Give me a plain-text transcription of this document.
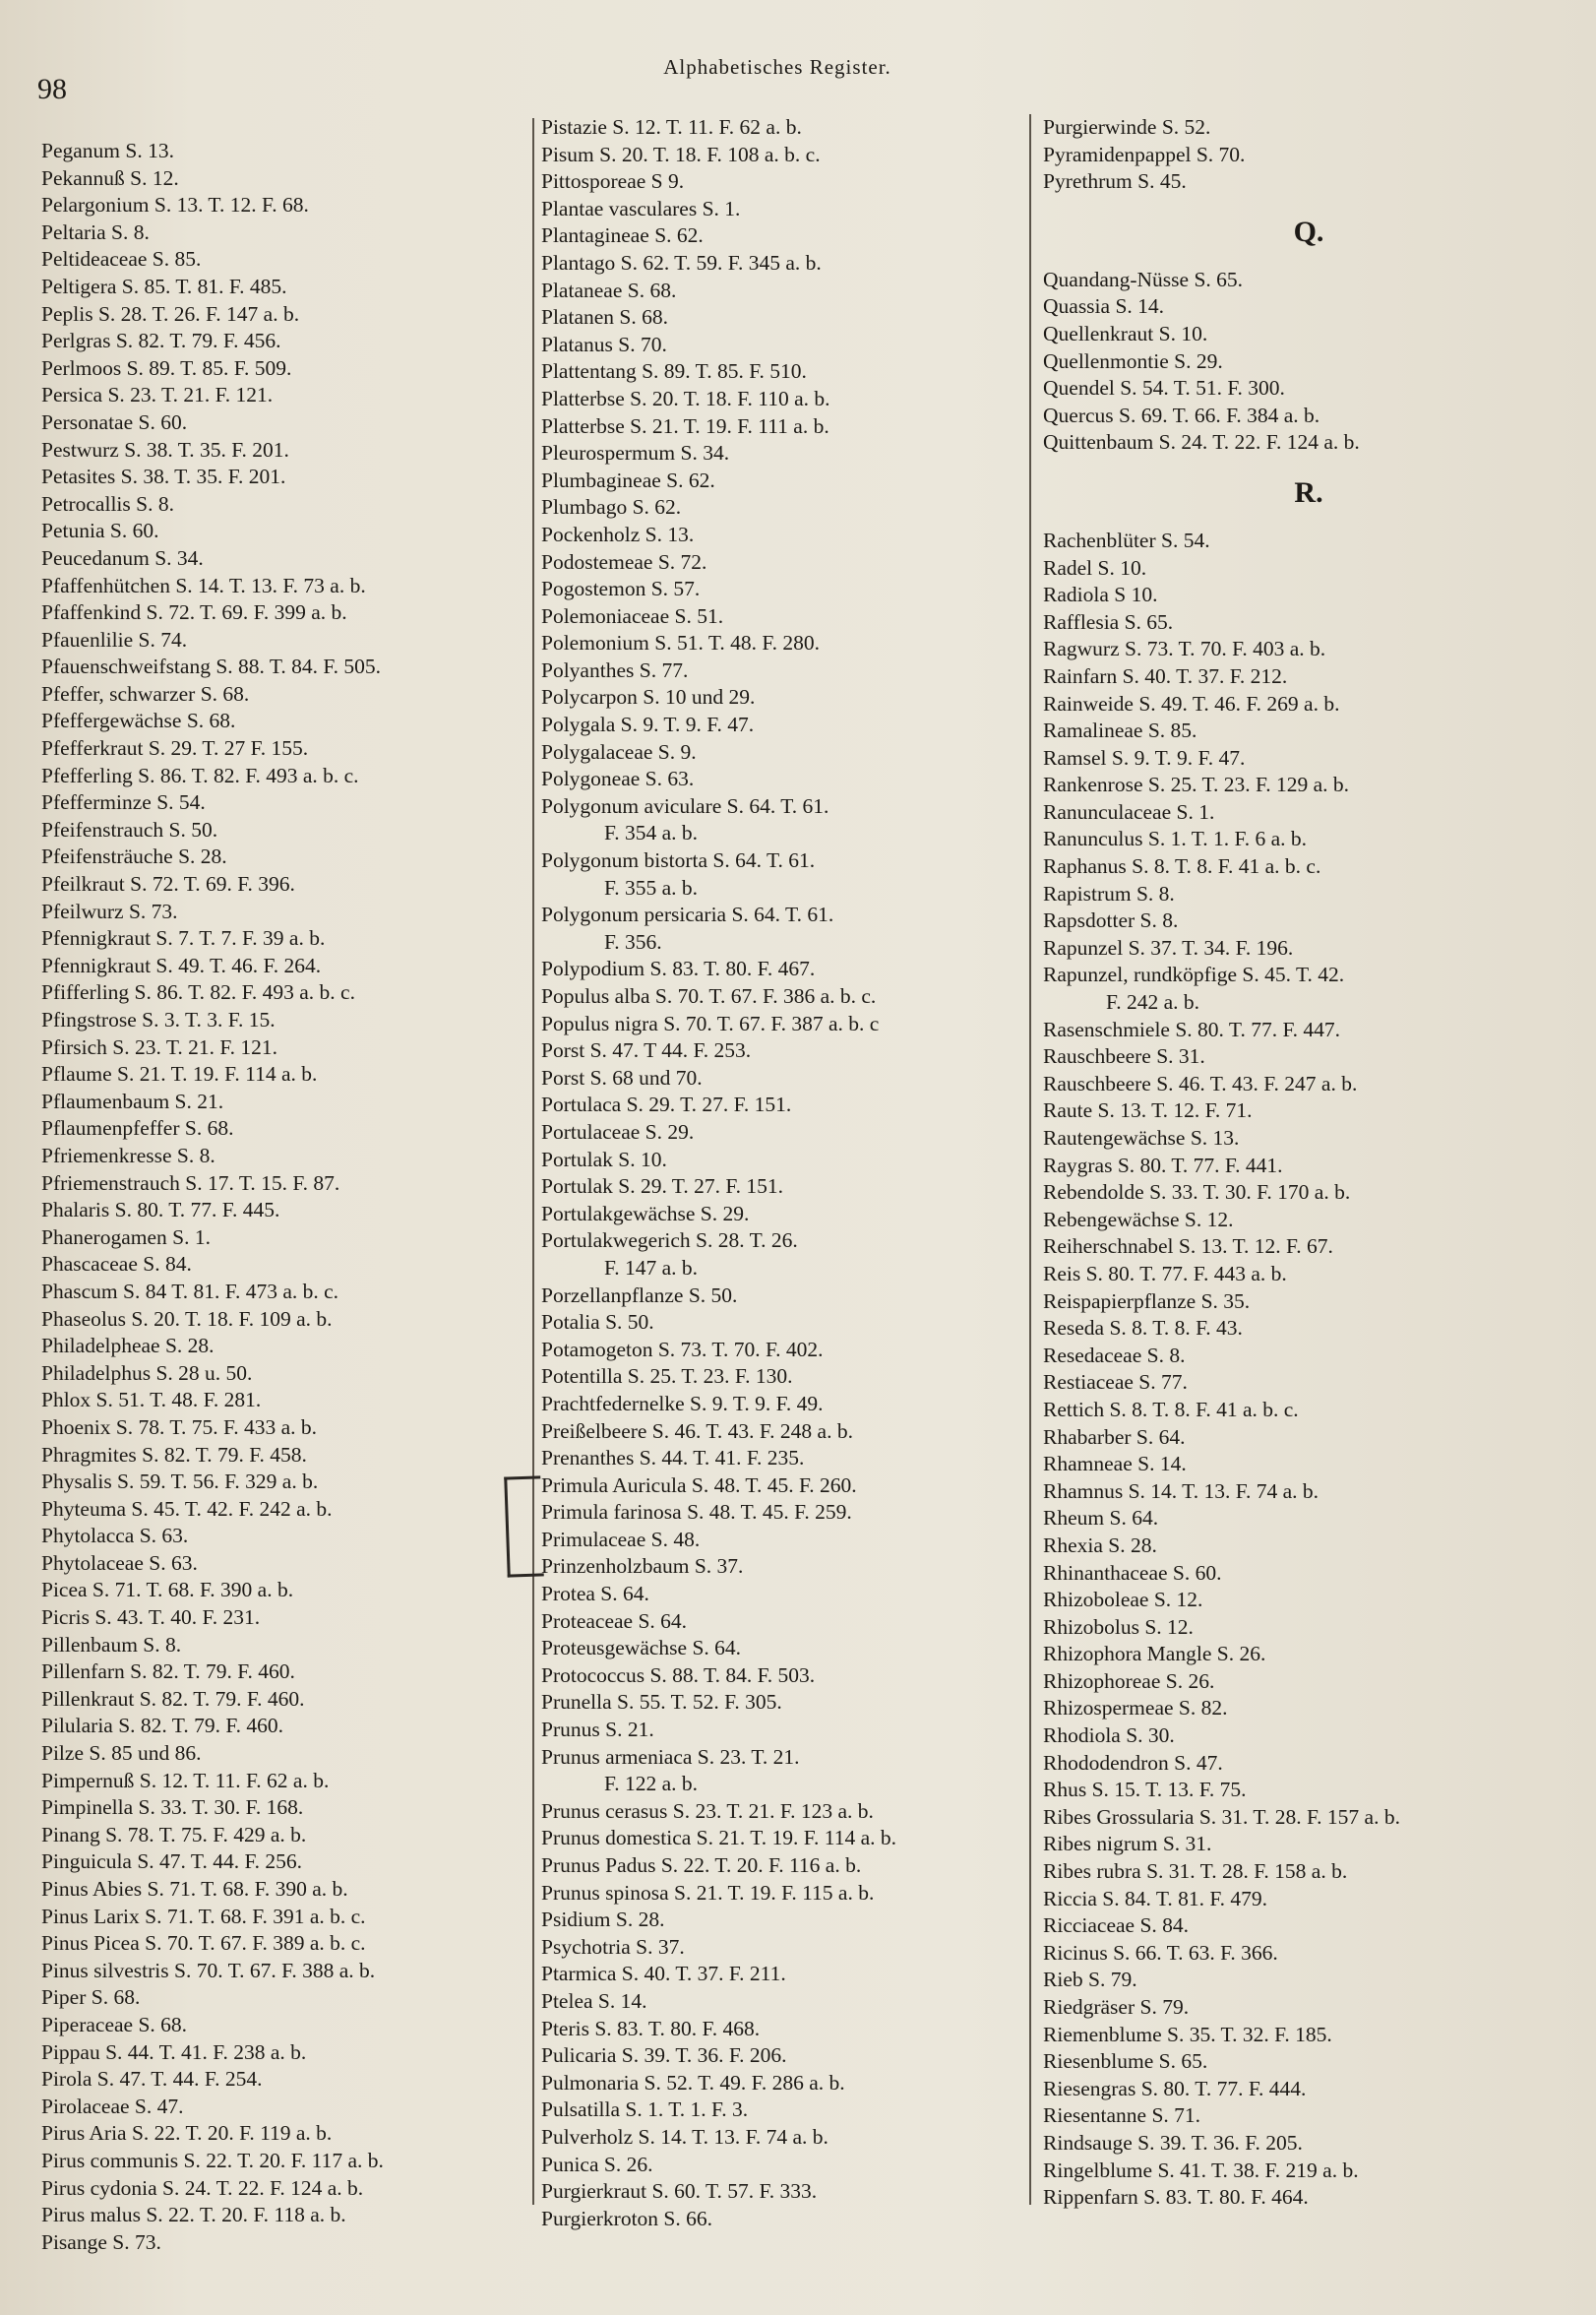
98
Alphabetisches Register.
Peganum S. 13.
Pekannuß S. 12.
Pelargonium S. 13. T. 12. F. 68.
Peltaria S. 8.
Peltideaceae S. 85.
Peltigera S. 85. T. 81. F. 485.
Peplis S. 28. T. 26. F. 147 a. b.
Perlgras S. 82. T. 79. F. 456.
Perlmoos S. 89. T. 85. F. 509.
Persica S. 23. T. 21. F. 121.
Personatae S. 60.
Pestwurz S. 38. T. 35. F. 201.
Petasites S. 38. T. 35. F. 201.
Petrocallis S. 8.
Petunia S. 60.
Peucedanum S. 34.
Pfaffenhütchen S. 14. T. 13. F. 73 a. b.
Pfaffenkind S. 72. T. 69. F. 399 a. b.
Pfauenlilie S. 74.
Pfauenschweifstang S. 88. T. 84. F. 505.
Pfeffer, schwarzer S. 68.
Pfeffergewächse S. 68.
Pfefferkraut S. 29. T. 27 F. 155.
Pfefferling S. 86. T. 82. F. 493 a. b. c.
Pfefferminze S. 54.
Pfeifenstrauch S. 50.
Pfeifensträuche S. 28.
Pfeilkraut S. 72. T. 69. F. 396.
Pfeilwurz S. 73.
Pfennigkraut S. 7. T. 7. F. 39 a. b.
Pfennigkraut S. 49. T. 46. F. 264.
Pfifferling S. 86. T. 82. F. 493 a. b. c.
Pfingstrose S. 3. T. 3. F. 15.
Pfirsich S. 23. T. 21. F. 121.
Pflaume S. 21. T. 19. F. 114 a. b.
Pflaumenbaum S. 21.
Pflaumenpfeffer S. 68.
Pfriemenkresse S. 8.
Pfriemenstrauch S. 17. T. 15. F. 87.
Phalaris S. 80. T. 77. F. 445.
Phanerogamen S. 1.
Phascaceae S. 84.
Phascum S. 84 T. 81. F. 473 a. b. c.
Phaseolus S. 20. T. 18. F. 109 a. b.
Philadelpheae S. 28.
Philadelphus S. 28 u. 50.
Phlox S. 51. T. 48. F. 281.
Phoenix S. 78. T. 75. F. 433 a. b.
Phragmites S. 82. T. 79. F. 458.
Physalis S. 59. T. 56. F. 329 a. b.
Phyteuma S. 45. T. 42. F. 242 a. b.
Phytolacca S. 63.
Phytolaceae S. 63.
Picea S. 71. T. 68. F. 390 a. b.
Picris S. 43. T. 40. F. 231.
Pillenbaum S. 8.
Pillenfarn S. 82. T. 79. F. 460.
Pillenkraut S. 82. T. 79. F. 460.
Pilularia S. 82. T. 79. F. 460.
Pilze S. 85 und 86.
Pimpernuß S. 12. T. 11. F. 62 a. b.
Pimpinella S. 33. T. 30. F. 168.
Pinang S. 78. T. 75. F. 429 a. b.
Pinguicula S. 47. T. 44. F. 256.
Pinus Abies S. 71. T. 68. F. 390 a. b.
Pinus Larix S. 71. T. 68. F. 391 a. b. c.
Pinus Picea S. 70. T. 67. F. 389 a. b. c.
Pinus silvestris S. 70. T. 67. F. 388 a. b.
Piper S. 68.
Piperaceae S. 68.
Pippau S. 44. T. 41. F. 238 a. b.
Pirola S. 47. T. 44. F. 254.
Pirolaceae S. 47.
Pirus Aria S. 22. T. 20. F. 119 a. b.
Pirus communis S. 22. T. 20. F. 117 a. b.
Pirus cydonia S. 24. T. 22. F. 124 a. b.
Pirus malus S. 22. T. 20. F. 118 a. b.
Pisange S. 73.
Pistazie S. 12. T. 11. F. 62 a. b.
Pisum S. 20. T. 18. F. 108 a. b. c.
Pittosporeae S 9.
Plantae vasculares S. 1.
Plantagineae S. 62.
Plantago S. 62. T. 59. F. 345 a. b.
Plataneae S. 68.
Platanen S. 68.
Platanus S. 70.
Plattentang S. 89. T. 85. F. 510.
Platterbse S. 20. T. 18. F. 110 a. b.
Platterbse S. 21. T. 19. F. 111 a. b.
Pleurospermum S. 34.
Plumbagineae S. 62.
Plumbago S. 62.
Pockenholz S. 13.
Podostemeae S. 72.
Pogostemon S. 57.
Polemoniaceae S. 51.
Polemonium S. 51. T. 48. F. 280.
Polyanthes S. 77.
Polycarpon S. 10 und 29.
Polygala S. 9. T. 9. F. 47.
Polygalaceae S. 9.
Polygoneae S. 63.
Polygonum aviculare S. 64. T. 61.
F. 354 a. b.
Polygonum bistorta S. 64. T. 61.
F. 355 a. b.
Polygonum persicaria S. 64. T. 61.
F. 356.
Polypodium S. 83. T. 80. F. 467.
Populus alba S. 70. T. 67. F. 386 a. b. c.
Populus nigra S. 70. T. 67. F. 387 a. b. c
Porst S. 47. T 44. F. 253.
Porst S. 68 und 70.
Portulaca S. 29. T. 27. F. 151.
Portulaceae S. 29.
Portulak S. 10.
Portulak S. 29. T. 27. F. 151.
Portulakgewächse S. 29.
Portulakwegerich S. 28. T. 26.
F. 147 a. b.
Porzellanpflanze S. 50.
Potalia S. 50.
Potamogeton S. 73. T. 70. F. 402.
Potentilla S. 25. T. 23. F. 130.
Prachtfedernelke S. 9. T. 9. F. 49.
Preißelbeere S. 46. T. 43. F. 248 a. b.
Prenanthes S. 44. T. 41. F. 235.
Primula Auricula S. 48. T. 45. F. 260.
Primula farinosa S. 48. T. 45. F. 259.
Primulaceae S. 48.
Prinzenholzbaum S. 37.
Protea S. 64.
Proteaceae S. 64.
Proteusgewächse S. 64.
Protococcus S. 88. T. 84. F. 503.
Prunella S. 55. T. 52. F. 305.
Prunus S. 21.
Prunus armeniaca S. 23. T. 21.
F. 122 a. b.
Prunus cerasus S. 23. T. 21. F. 123 a. b.
Prunus domestica S. 21. T. 19. F. 114 a. b.
Prunus Padus S. 22. T. 20. F. 116 a. b.
Prunus spinosa S. 21. T. 19. F. 115 a. b.
Psidium S. 28.
Psychotria S. 37.
Ptarmica S. 40. T. 37. F. 211.
Ptelea S. 14.
Pteris S. 83. T. 80. F. 468.
Pulicaria S. 39. T. 36. F. 206.
Pulmonaria S. 52. T. 49. F. 286 a. b.
Pulsatilla S. 1. T. 1. F. 3.
Pulverholz S. 14. T. 13. F. 74 a. b.
Punica S. 26.
Purgierkraut S. 60. T. 57. F. 333.
Purgierkroton S. 66.
Purgierwinde S. 52.
Pyramidenpappel S. 70.
Pyrethrum S. 45.
Q.
Quandang-Nüsse S. 65.
Quassia S. 14.
Quellenkraut S. 10.
Quellenmontie S. 29.
Quendel S. 54. T. 51. F. 300.
Quercus S. 69. T. 66. F. 384 a. b.
Quittenbaum S. 24. T. 22. F. 124 a. b.
R.
Rachenblüter S. 54.
Radel S. 10.
Radiola S 10.
Rafflesia S. 65.
Ragwurz S. 73. T. 70. F. 403 a. b.
Rainfarn S. 40. T. 37. F. 212.
Rainweide S. 49. T. 46. F. 269 a. b.
Ramalineae S. 85.
Ramsel S. 9. T. 9. F. 47.
Rankenrose S. 25. T. 23. F. 129 a. b.
Ranunculaceae S. 1.
Ranunculus S. 1. T. 1. F. 6 a. b.
Raphanus S. 8. T. 8. F. 41 a. b. c.
Rapistrum S. 8.
Rapsdotter S. 8.
Rapunzel S. 37. T. 34. F. 196.
Rapunzel, rundköpfige S. 45. T. 42.
F. 242 a. b.
Rasenschmiele S. 80. T. 77. F. 447.
Rauschbeere S. 31.
Rauschbeere S. 46. T. 43. F. 247 a. b.
Raute S. 13. T. 12. F. 71.
Rautengewächse S. 13.
Raygras S. 80. T. 77. F. 441.
Rebendolde S. 33. T. 30. F. 170 a. b.
Rebengewächse S. 12.
Reiherschnabel S. 13. T. 12. F. 67.
Reis S. 80. T. 77. F. 443 a. b.
Reispapierpflanze S. 35.
Reseda S. 8. T. 8. F. 43.
Resedaceae S. 8.
Restiaceae S. 77.
Rettich S. 8. T. 8. F. 41 a. b. c.
Rhabarber S. 64.
Rhamneae S. 14.
Rhamnus S. 14. T. 13. F. 74 a. b.
Rheum S. 64.
Rhexia S. 28.
Rhinanthaceae S. 60.
Rhizoboleae S. 12.
Rhizobolus S. 12.
Rhizophora Mangle S. 26.
Rhizophoreae S. 26.
Rhizospermeae S. 82.
Rhodiola S. 30.
Rhododendron S. 47.
Rhus S. 15. T. 13. F. 75.
Ribes Grossularia S. 31. T. 28. F. 157 a. b.
Ribes nigrum S. 31.
Ribes rubra S. 31. T. 28. F. 158 a. b.
Riccia S. 84. T. 81. F. 479.
Ricciaceae S. 84.
Ricinus S. 66. T. 63. F. 366.
Rieb S. 79.
Riedgräser S. 79.
Riemenblume S. 35. T. 32. F. 185.
Riesenblume S. 65.
Riesengras S. 80. T. 77. F. 444.
Riesentanne S. 71.
Rindsauge S. 39. T. 36. F. 205.
Ringelblume S. 41. T. 38. F. 219 a. b.
Rippenfarn S. 83. T. 80. F. 464.
